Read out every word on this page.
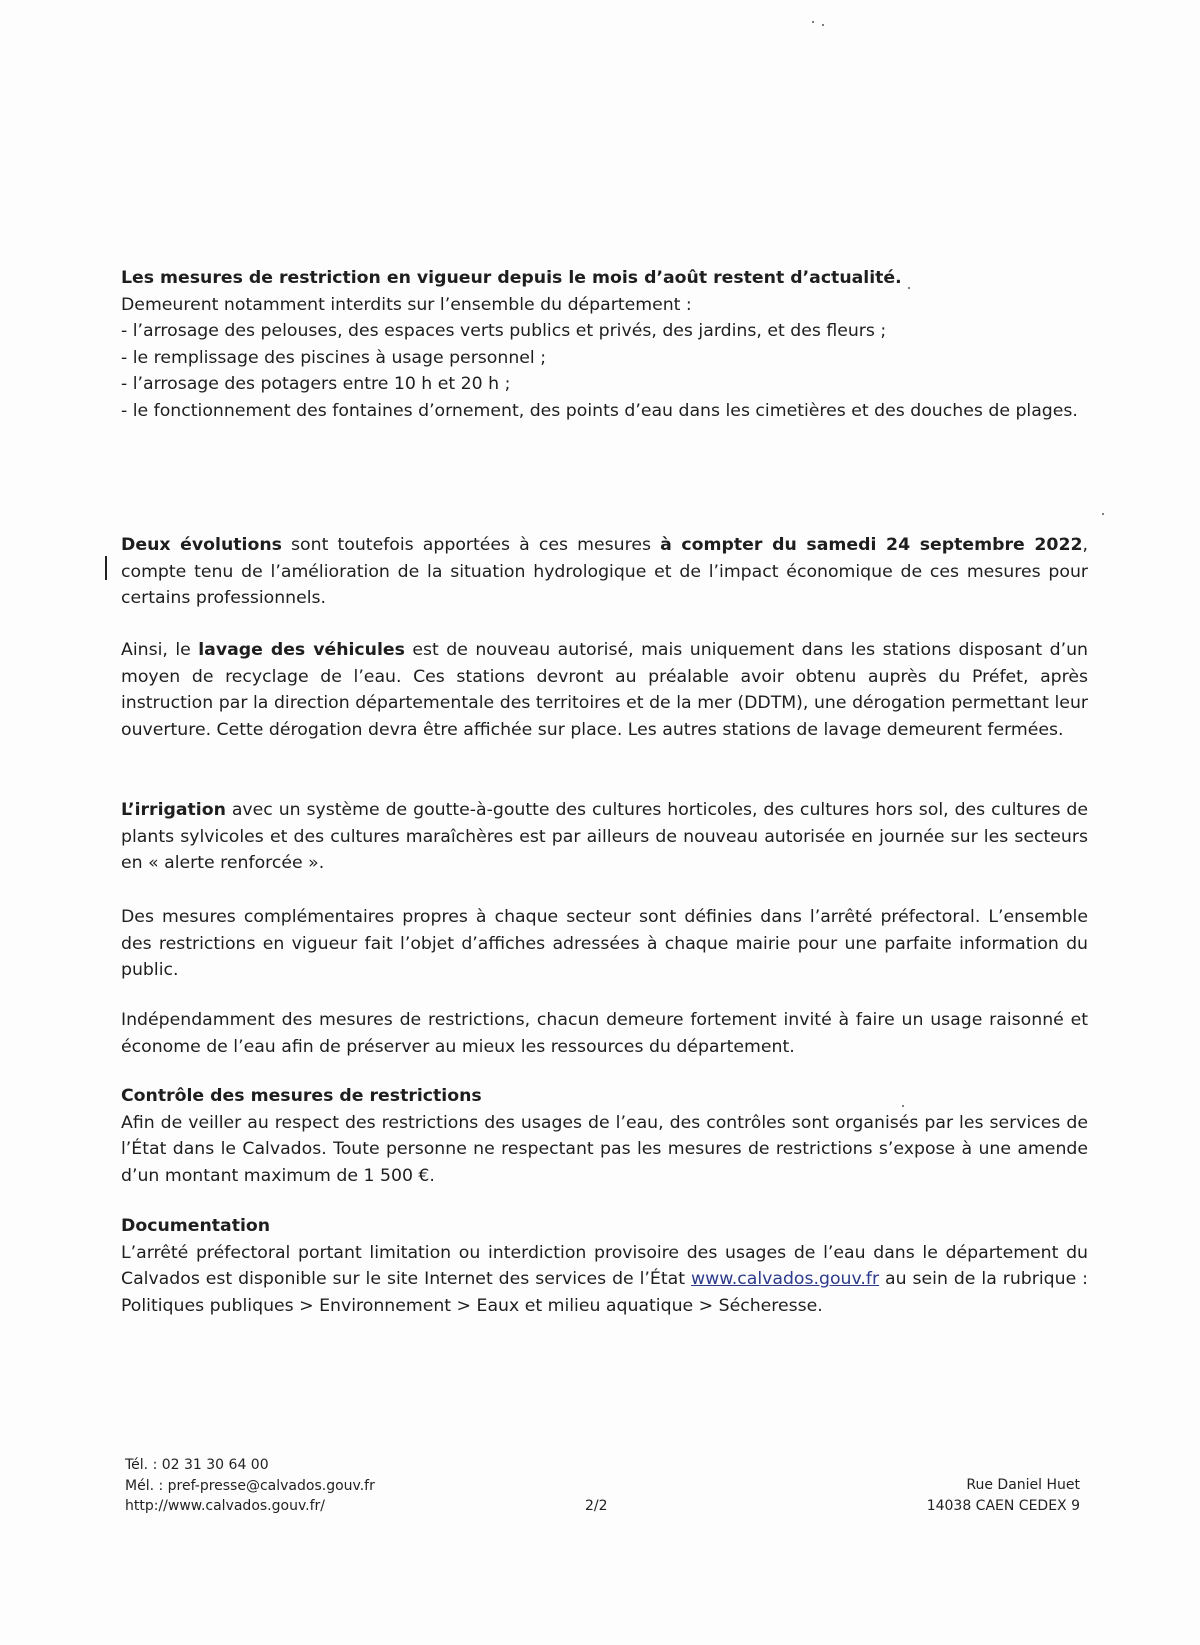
Les mesures de restriction en vigueur depuis le mois d’août restent d’actualité.
Demeurent notamment interdits sur l’ensemble du département :
- l’arrosage des pelouses, des espaces verts publics et privés, des jardins, et des fleurs ;
- le remplissage des piscines à usage personnel ;
- l’arrosage des potagers entre 10 h et 20 h ;
- le fonctionnement des fontaines d’ornement, des points d’eau dans les cimetières et des douches de plages.

Deux évolutions sont toutefois apportées à ces mesures à compter du samedi 24 septembre 2022, compte tenu de l’amélioration de la situation hydrologique et de l’impact économique de ces mesures pour certains professionnels.

Ainsi, le lavage des véhicules est de nouveau autorisé, mais uniquement dans les stations disposant d’un moyen de recyclage de l’eau. Ces stations devront au préalable avoir obtenu auprès du Préfet, après instruction par la direction départementale des territoires et de la mer (DDTM), une dérogation permettant leur ouverture. Cette dérogation devra être affichée sur place. Les autres stations de lavage demeurent fermées.

L’irrigation avec un système de goutte-à-goutte des cultures horticoles, des cultures hors sol, des cultures de plants sylvicoles et des cultures maraîchères est par ailleurs de nouveau autorisée en journée sur les secteurs en « alerte renforcée ».

Des mesures complémentaires propres à chaque secteur sont définies dans l’arrêté préfectoral. L’ensemble des restrictions en vigueur fait l’objet d’affiches adressées à chaque mairie pour une parfaite information du public.

Indépendamment des mesures de restrictions, chacun demeure fortement invité à faire un usage raisonné et économe de l’eau afin de préserver au mieux les ressources du département.

Contrôle des mesures de restrictions
Afin de veiller au respect des restrictions des usages de l’eau, des contrôles sont organisés par les services de l’État dans le Calvados. Toute personne ne respectant pas les mesures de restrictions s’expose à une amende d’un montant maximum de 1 500 €.

Documentation
L’arrêté préfectoral portant limitation ou interdiction provisoire des usages de l’eau dans le département du Calvados est disponible sur le site Internet des services de l’État www.calvados.gouv.fr au sein de la rubrique : Politiques publiques > Environnement > Eaux et milieu aquatique > Sécheresse.

Tél. : 02 31 30 64 00
Mél. : pref-presse@calvados.gouv.fr
http://www.calvados.gouv.fr/	2/2
Rue Daniel Huet
14038 CAEN CEDEX 9
